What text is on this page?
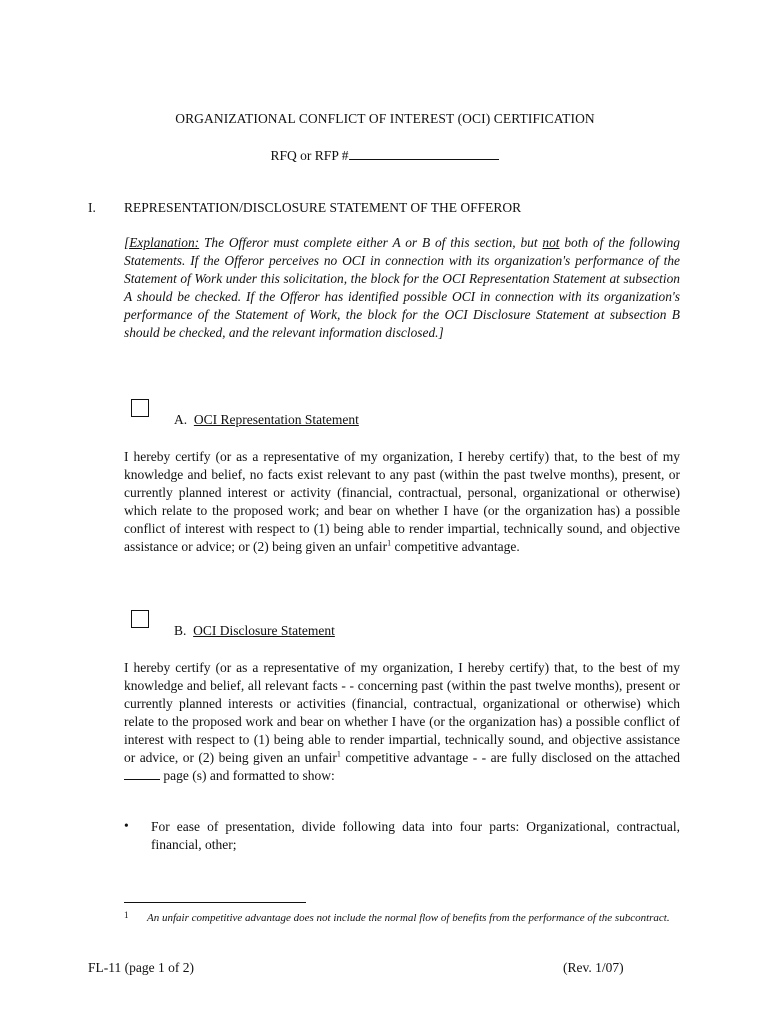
ORGANIZATIONAL CONFLICT OF INTEREST (OCI) CERTIFICATION
RFQ or RFP #
I. REPRESENTATION/DISCLOSURE STATEMENT OF THE OFFEROR
[Explanation: The Offeror must complete either A or B of this section, but not both of the following Statements. If the Offeror perceives no OCI in connection with its organization's performance of the Statement of Work under this solicitation, the block for the OCI Representation Statement at subsection A should be checked. If the Offeror has identified possible OCI in connection with its organization's performance of the Statement of Work, the block for the OCI Disclosure Statement at subsection B should be checked, and the relevant information disclosed.]
A. OCI Representation Statement
I hereby certify (or as a representative of my organization, I hereby certify) that, to the best of my knowledge and belief, no facts exist relevant to any past (within the past twelve months), present, or currently planned interest or activity (financial, contractual, personal, organizational or otherwise) which relate to the proposed work; and bear on whether I have (or the organization has) a possible conflict of interest with respect to (1) being able to render impartial, technically sound, and objective assistance or advice; or (2) being given an unfair$^1$ competitive advantage.
B. OCI Disclosure Statement
I hereby certify (or as a representative of my organization, I hereby certify) that, to the best of my knowledge and belief, all relevant facts - - concerning past (within the past twelve months), present or currently planned interests or activities (financial, contractual, organizational or otherwise) which relate to the proposed work and bear on whether I have (or the organization has) a possible conflict of interest with respect to (1) being able to render impartial, technically sound, and objective assistance or advice, or (2) being given an unfair$^1$ competitive advantage - - are fully disclosed on the attached  page (s) and formatted to show:
• For ease of presentation, divide following data into four parts: Organizational, contractual, financial, other;
1 An unfair competitive advantage does not include the normal flow of benefits from the performance of the subcontract.
FL-11 (page 1 of 2)	(Rev. 1/07)
